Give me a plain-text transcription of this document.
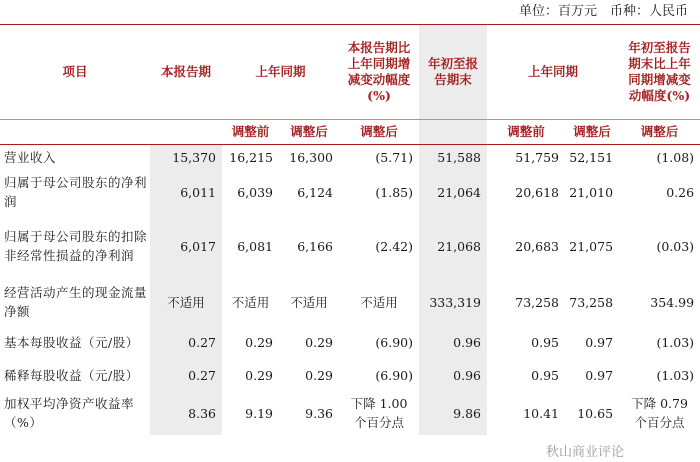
单位：百万元　币种：人民币
项目	本报告期	上年同期		本报告期比上年同期增减变动幅度(%)	年初至报告期末	上年同期		年初至报告期末比上年同期增减变动幅度(%)
		调整前	调整后	调整后		调整前	调整后	调整后
营业收入	15,370	16,215	16,300	(5.71)	51,588	51,759	52,151	(1.08)
归属于母公司股东的净利润	6,011	6,039	6,124	(1.85)	21,064	20,618	21,010	0.26
归属于母公司股东的扣除非经常性损益的净利润	6,017	6,081	6,166	(2.42)	21,068	20,683	21,075	(0.03)
经营活动产生的现金流量净额	不适用	不适用	不适用	不适用	333,319	73,258	73,258	354.99
基本每股收益（元/股）	0.27	0.29	0.29	(6.90)	0.96	0.95	0.97	(1.03)
稀释每股收益（元/股）	0.27	0.29	0.29	(6.90)	0.96	0.95	0.97	(1.03)
加权平均净资产收益率（%）	8.36	9.19	9.36	下降 1.00 个百分点	9.86	10.41	10.65	下降 0.79 个百分点
秋山商业评论
